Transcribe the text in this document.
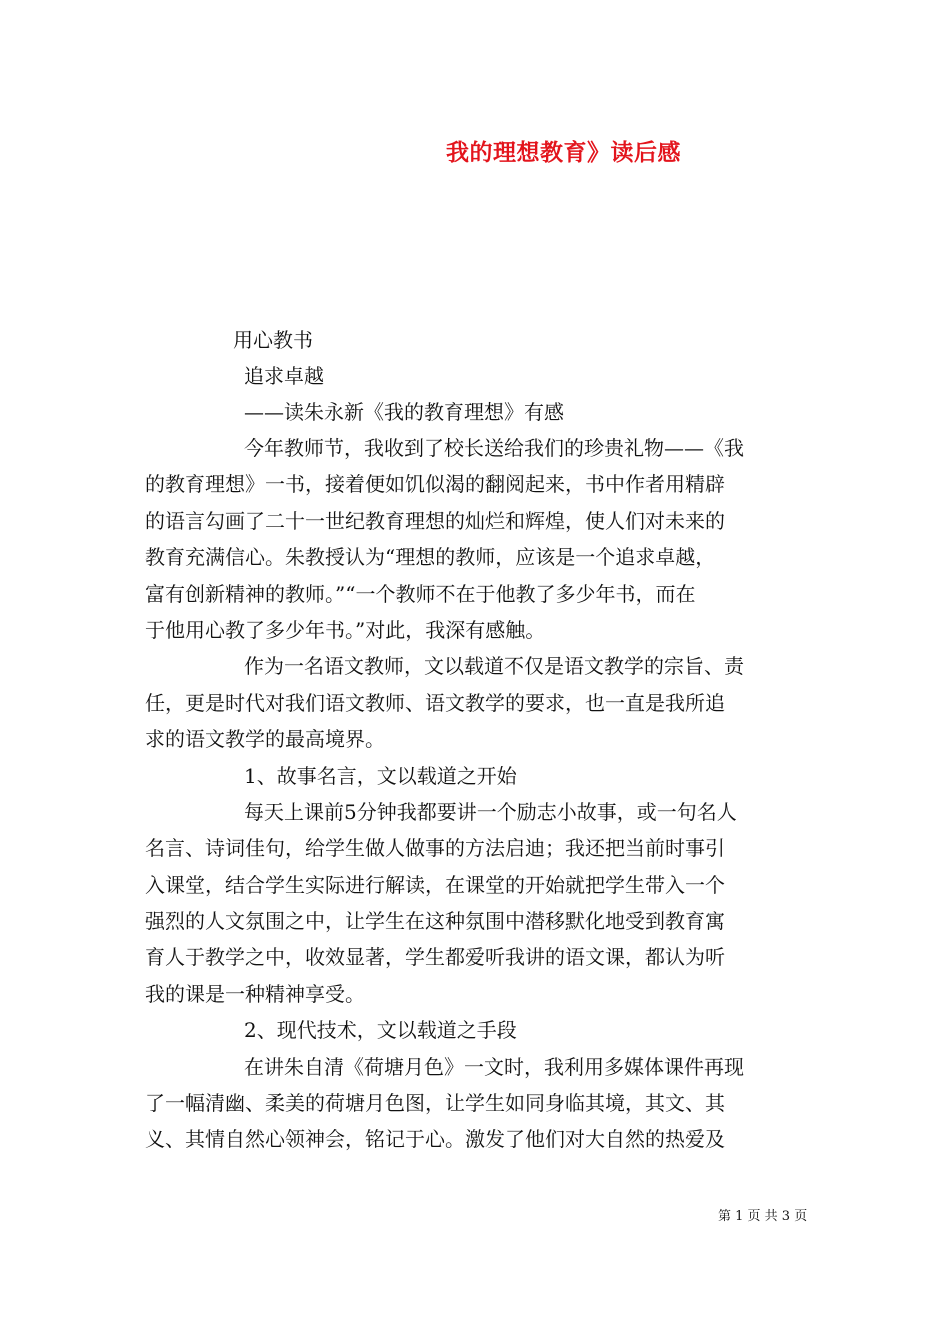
我的理想教育》读后感
用心教书
追求卓越
——读朱永新《我的教育理想》有感
今年教师节，我收到了校长送给我们的珍贵礼物——《我
的教育理想》一书，接着便如饥似渴的翻阅起来，书中作者用精辟
的语言勾画了二十一世纪教育理想的灿烂和辉煌，使人们对未来的
教育充满信心。朱教授认为“理想的教师，应该是一个追求卓越，
富有创新精神的教师。”“一个教师不在于他教了多少年书，而在
于他用心教了多少年书。”对此，我深有感触。
作为一名语文教师，文以载道不仅是语文教学的宗旨、责
任，更是时代对我们语文教师、语文教学的要求，也一直是我所追
求的语文教学的最高境界。
1、故事名言，文以载道之开始
每天上课前5分钟我都要讲一个励志小故事，或一句名人
名言、诗词佳句，给学生做人做事的方法启迪；我还把当前时事引
入课堂，结合学生实际进行解读，在课堂的开始就把学生带入一个
强烈的人文氛围之中，让学生在这种氛围中潜移默化地受到教育寓
育人于教学之中，收效显著，学生都爱听我讲的语文课，都认为听
我的课是一种精神享受。
2、现代技术，文以载道之手段
在讲朱自清《荷塘月色》一文时，我利用多媒体课件再现
了一幅清幽、柔美的荷塘月色图，让学生如同身临其境，其文、其
义、其情自然心领神会，铭记于心。激发了他们对大自然的热爱及
第 1 页 共 3 页
